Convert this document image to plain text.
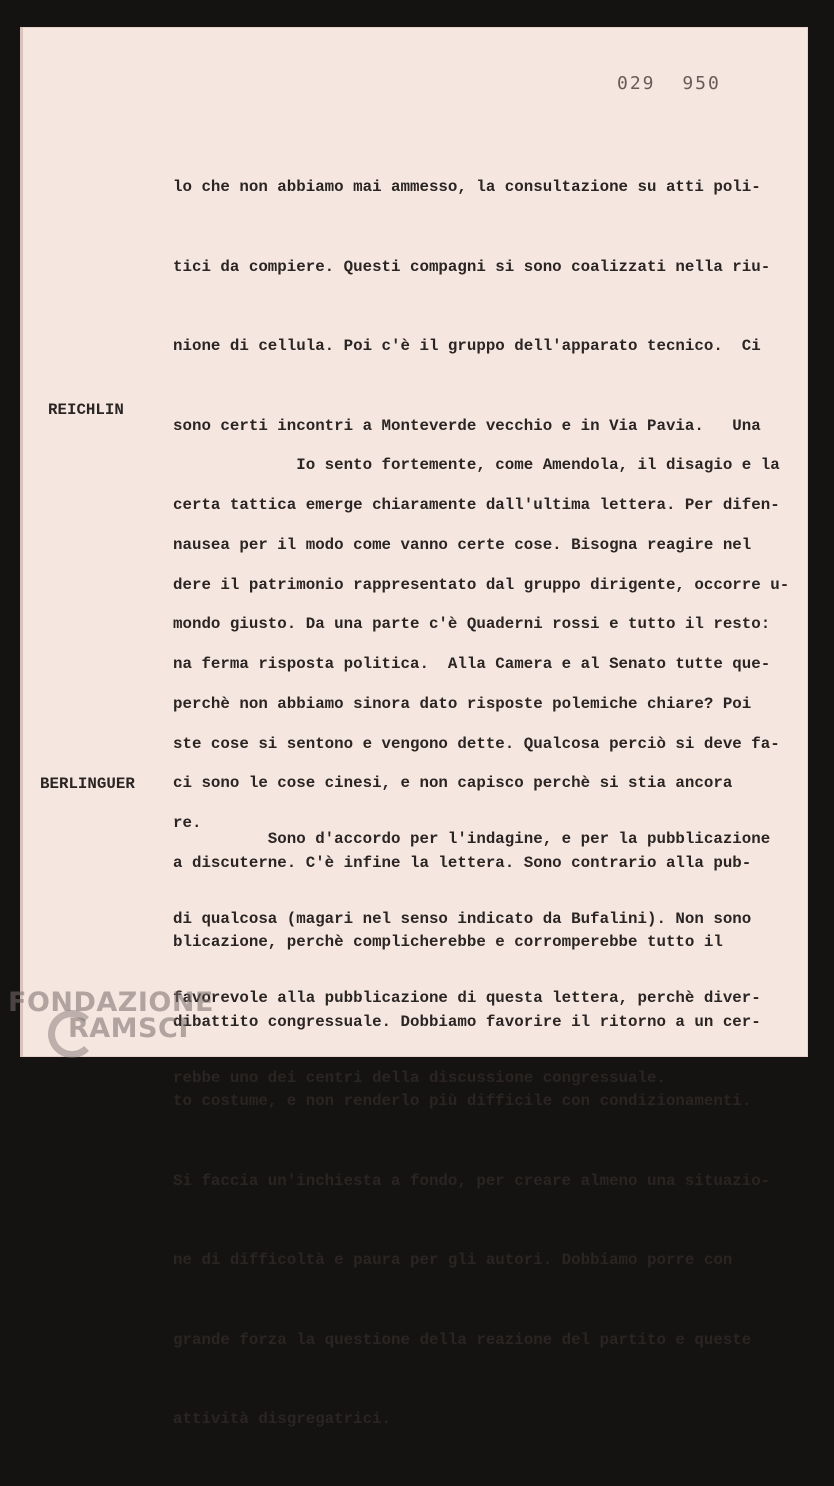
029 950

lo che non abbiamo mai ammesso, la consultazione su atti poli-

tici da compiere. Questi compagni si sono coalizzati nella riu-

nione di cellula. Poi c'è il gruppo dell'apparato tecnico.  Ci

sono certi incontri a Monteverde vecchio e in Via Pavia.   Una

certa tattica emerge chiaramente dall'ultima lettera. Per difen-

dere il patrimonio rappresentato dal gruppo dirigente, occorre u-

na ferma risposta politica.  Alla Camera e al Senato tutte que-

ste cose si sentono e vengono dette. Qualcosa perciò si deve fa-

re.

REICHLIN

Io sento fortemente, come Amendola, il disagio e la

nausea per il modo come vanno certe cose. Bisogna reagire nel

mondo giusto. Da una parte c'è Quaderni rossi e tutto il resto:

perchè non abbiamo sinora dato risposte polemiche chiare? Poi

ci sono le cose cinesi, e non capisco perchè si stia ancora

a discuterne. C'è infine la lettera. Sono contrario alla pub-

blicazione, perchè complicherebbe e corromperebbe tutto il

dibattito congressuale. Dobbiamo favorire il ritorno a un cer-

to costume, e non renderlo più difficile con condizionamenti.

Si faccia un'inchiesta a fondo, per creare almeno una situazio-

ne di difficoltà e paura per gli autori. Dobbiamo porre con

grande forza la questione della reazione del partito e queste

attività disgregatrici.

BERLINGUER

Sono d'accordo per l'indagine, e per la pubblicazione

di qualcosa (magari nel senso indicato da Bufalini). Non sono

favorevole alla pubblicazione di questa lettera, perchè diver-

rebbe uno dei centri della discussione congressuale.

FONDAZIONE
RAMSCI
